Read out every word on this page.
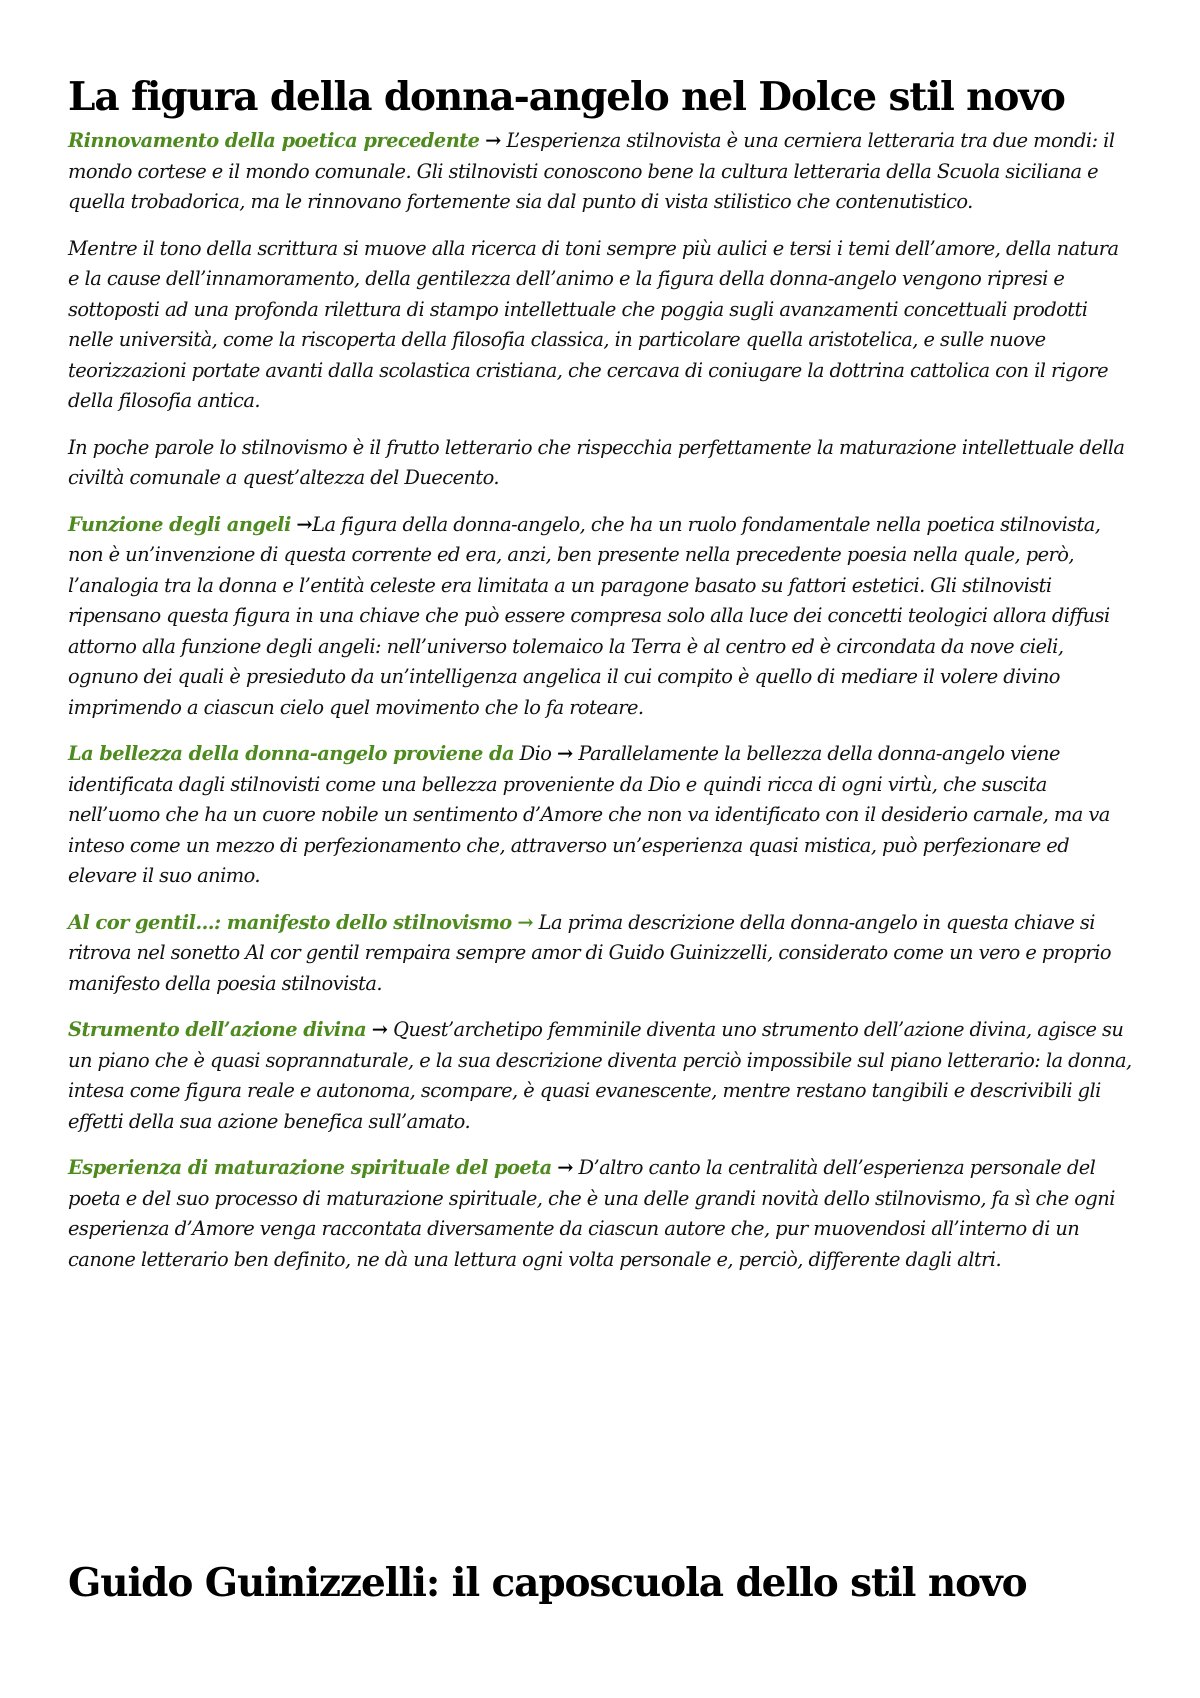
La figura della donna-angelo nel Dolce stil novo

Rinnovamento della poetica precedente → L’esperienza stilnovista è una cerniera letteraria tra due mondi: il mondo cortese e il mondo comunale. Gli stilnovisti conoscono bene la cultura letteraria della Scuola siciliana e quella trobadorica, ma le rinnovano fortemente sia dal punto di vista stilistico che contenutistico.

Mentre il tono della scrittura si muove alla ricerca di toni sempre più aulici e tersi i temi dell’amore, della natura e la cause dell’innamoramento, della gentilezza dell’animo e la figura della donna-angelo vengono ripresi e sottoposti ad una profonda rilettura di stampo intellettuale che poggia sugli avanzamenti concettuali prodotti nelle università, come la riscoperta della filosofia classica, in particolare quella aristotelica, e sulle nuove teorizzazioni portate avanti dalla scolastica cristiana, che cercava di coniugare la dottrina cattolica con il rigore della filosofia antica.

In poche parole lo stilnovismo è il frutto letterario che rispecchia perfettamente la maturazione intellettuale della civiltà comunale a quest’altezza del Duecento.

Funzione degli angeli →La figura della donna-angelo, che ha un ruolo fondamentale nella poetica stilnovista, non è un’invenzione di questa corrente ed era, anzi, ben presente nella precedente poesia nella quale, però, l’analogia tra la donna e l’entità celeste era limitata a un paragone basato su fattori estetici. Gli stilnovisti ripensano questa figura in una chiave che può essere compresa solo alla luce dei concetti teologici allora diffusi attorno alla funzione degli angeli: nell’universo tolemaico la Terra è al centro ed è circondata da nove cieli, ognuno dei quali è presieduto da un’intelligenza angelica il cui compito è quello di mediare il volere divino imprimendo a ciascun cielo quel movimento che lo fa roteare.

La bellezza della donna-angelo proviene da Dio → Parallelamente la bellezza della donna-angelo viene identificata dagli stilnovisti come una bellezza proveniente da Dio e quindi ricca di ogni virtù, che suscita nell’uomo che ha un cuore nobile un sentimento d’Amore che non va identificato con il desiderio carnale, ma va inteso come un mezzo di perfezionamento che, attraverso un’esperienza quasi mistica, può perfezionare ed elevare il suo animo.

Al cor gentil...: manifesto dello stilnovismo → La prima descrizione della donna-angelo in questa chiave si ritrova nel sonetto Al cor gentil rempaira sempre amor di Guido Guinizzelli, considerato come un vero e proprio manifesto della poesia stilnovista.

Strumento dell’azione divina → Quest’archetipo femminile diventa uno strumento dell’azione divina, agisce su un piano che è quasi soprannaturale, e la sua descrizione diventa perciò impossibile sul piano letterario: la donna, intesa come figura reale e autonoma, scompare, è quasi evanescente, mentre restano tangibili e descrivibili gli effetti della sua azione benefica sull’amato.

Esperienza di maturazione spirituale del poeta → D’altro canto la centralità dell’esperienza personale del poeta e del suo processo di maturazione spirituale, che è una delle grandi novità dello stilnovismo, fa sì che ogni esperienza d’Amore venga raccontata diversamente da ciascun autore che, pur muovendosi all’interno di un canone letterario ben definito, ne dà una lettura ogni volta personale e, perciò, differente dagli altri.

Guido Guinizzelli: il caposcuola dello stil novo
